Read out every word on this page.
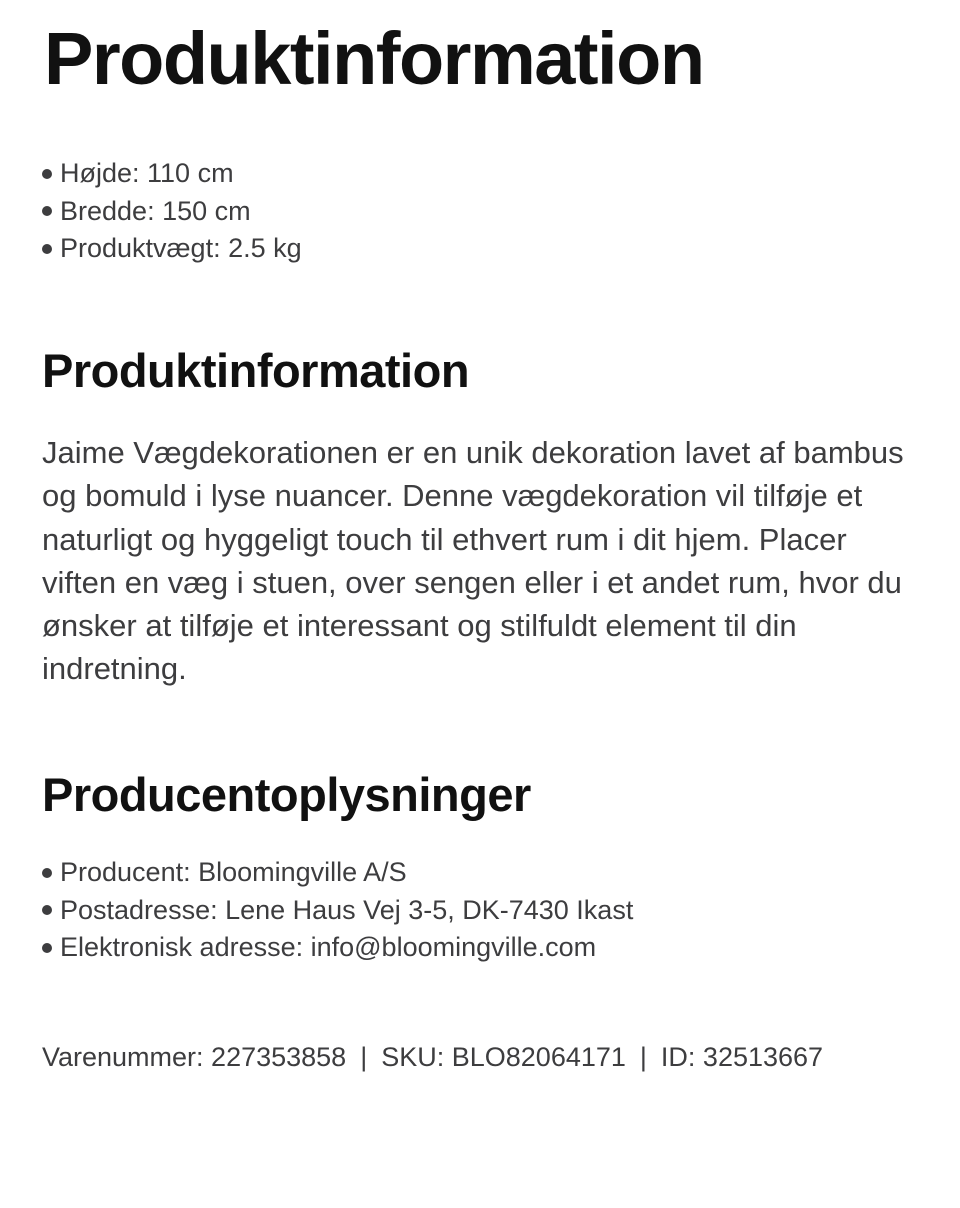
Produktinformation
Højde: 110 cm
Bredde: 150 cm
Produktvægt: 2.5 kg
Produktinformation

Jaime Vægdekorationen er en unik dekoration lavet af bambus og bomuld i lyse nuancer. Denne vægdekoration vil tilføje et naturligt og hyggeligt touch til ethvert rum i dit hjem. Placer viften en væg i stuen, over sengen eller i et andet rum, hvor du ønsker at tilføje et interessant og stilfuldt element til din indretning.

Producentoplysninger
Producent: Bloomingville A/S
Postadresse: Lene Haus Vej 3-5, DK-7430 Ikast
Elektronisk adresse: info@bloomingville.com

Varenummer: 227353858 | SKU: BLO82064171 | ID: 32513667
